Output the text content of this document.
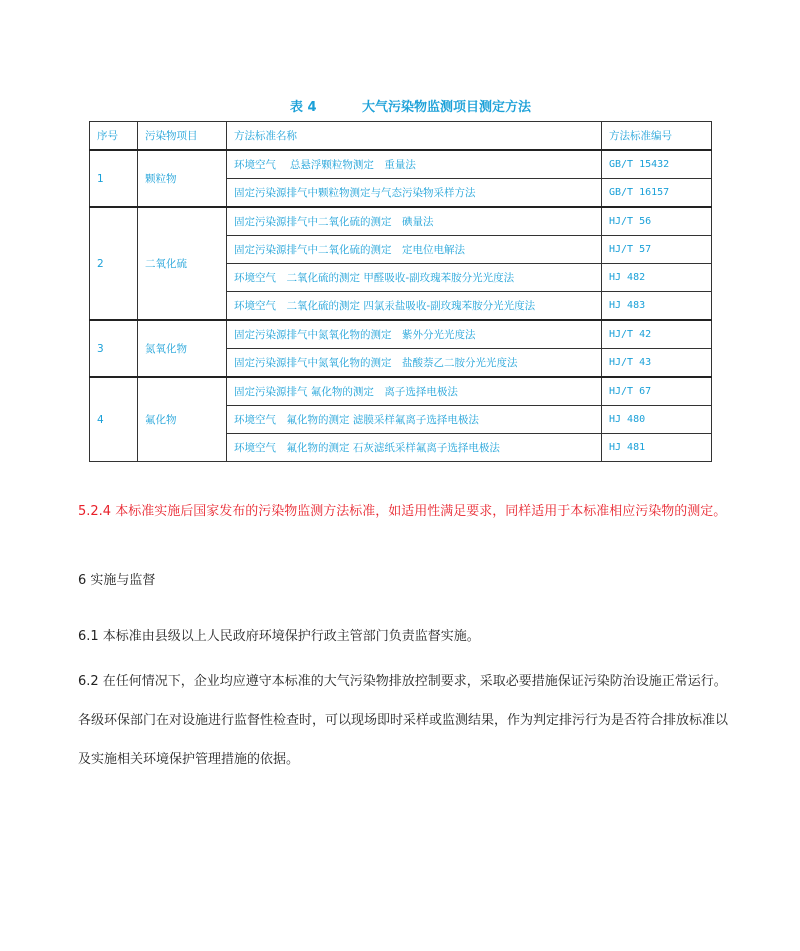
表 4	大气污染物监测项目测定方法
序号	污染物项目	方法标准名称	方法标准编号
1	颗粒物	环境空气　 总悬浮颗粒物测定　重量法	GB/T 15432
		固定污染源排气中颗粒物测定与气态污染物采样方法	GB/T 16157
2	二氧化硫	固定污染源排气中二氧化硫的测定　碘量法	HJ/T 56
		固定污染源排气中二氧化硫的测定　定电位电解法	HJ/T 57
		环境空气　二氧化硫的测定 甲醛吸收-副玫瑰苯胺分光光度法	HJ 482
		环境空气　二氧化硫的测定 四氯汞盐吸收-副玫瑰苯胺分光光度法	HJ 483
3	氮氧化物	固定污染源排气中氮氧化物的测定　紫外分光光度法	HJ/T 42
		固定污染源排气中氮氧化物的测定　盐酸萘乙二胺分光光度法	HJ/T 43
4	氟化物	固定污染源排气 氟化物的测定　离子选择电极法	HJ/T 67
		环境空气　氟化物的测定 滤膜采样氟离子选择电极法	HJ 480
		环境空气　氟化物的测定 石灰滤纸采样氟离子选择电极法	HJ 481
5.2.4 本标准实施后国家发布的污染物监测方法标准，如适用性满足要求，同样适用于本标准相应污染物的测定。
6 实施与监督
6.1 本标准由县级以上人民政府环境保护行政主管部门负责监督实施。
6.2 在任何情况下，企业均应遵守本标准的大气污染物排放控制要求，采取必要措施保证污染防治设施正常运行。各级环保部门在对设施进行监督性检查时，可以现场即时采样或监测结果，作为判定排污行为是否符合排放标准以及实施相关环境保护管理措施的依据。
